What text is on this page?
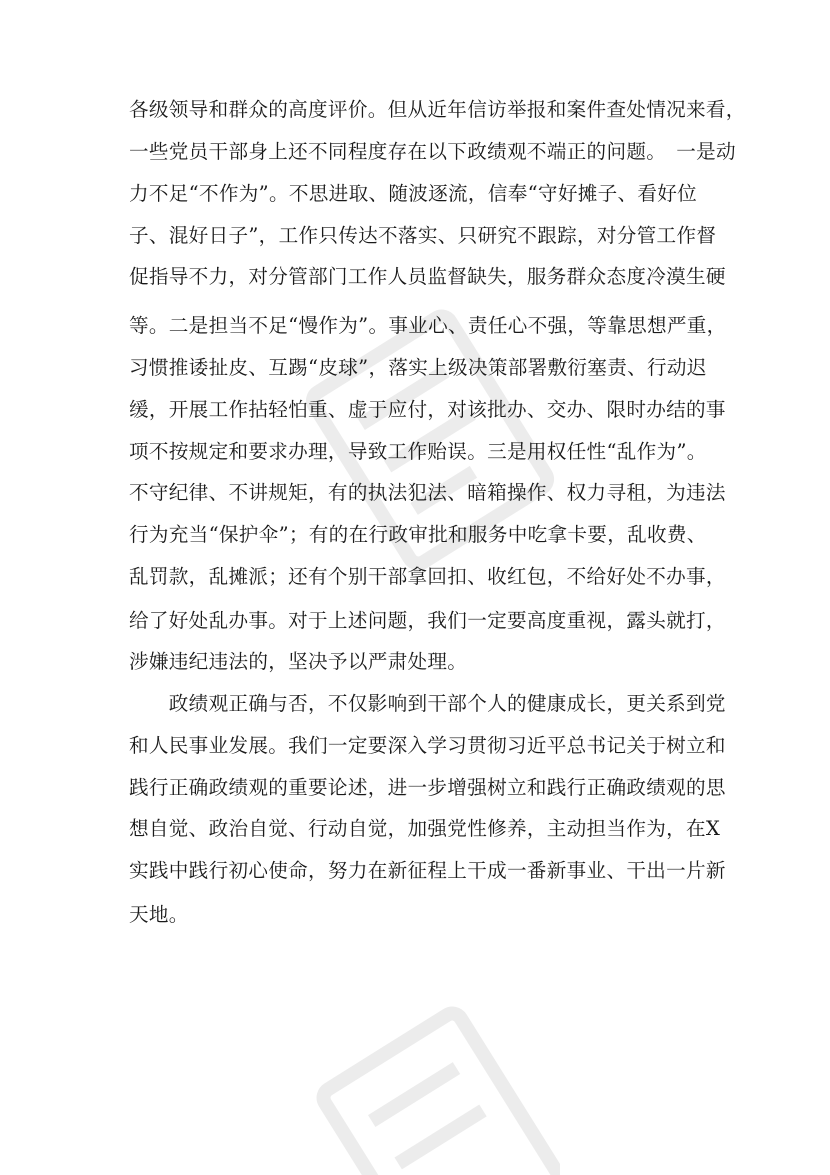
各级领导和群众的高度评价。但从近年信访举报和案件查处情况来看，
一些党员干部身上还不同程度存在以下政绩观不端正的问题。　一是动
力不足“不作为”。不思进取、随波逐流，信奉“守好摊子、看好位
子、混好日子”，工作只传达不落实、只研究不跟踪，对分管工作督
促指导不力，对分管部门工作人员监督缺失，服务群众态度冷漠生硬
等。二是担当不足“慢作为”。事业心、责任心不强，等靠思想严重，
习惯推诿扯皮、互踢“皮球”，落实上级决策部署敷衍塞责、行动迟
缓，开展工作拈轻怕重、虚于应付，对该批办、交办、限时办结的事
项不按规定和要求办理，导致工作贻误。三是用权任性“乱作为”。
不守纪律、不讲规矩，有的执法犯法、暗箱操作、权力寻租，为违法
行为充当“保护伞”；有的在行政审批和服务中吃拿卡要，乱收费、
乱罚款，乱摊派；还有个别干部拿回扣、收红包，不给好处不办事，
给了好处乱办事。对于上述问题，我们一定要高度重视，露头就打，
涉嫌违纪违法的，坚决予以严肃处理。
　　政绩观正确与否，不仅影响到干部个人的健康成长，更关系到党
和人民事业发展。我们一定要深入学习贯彻习近平总书记关于树立和
践行正确政绩观的重要论述，进一步增强树立和践行正确政绩观的思
想自觉、政治自觉、行动自觉，加强党性修养，主动担当作为，在X
实践中践行初心使命，努力在新征程上干成一番新事业、干出一片新
天地。
